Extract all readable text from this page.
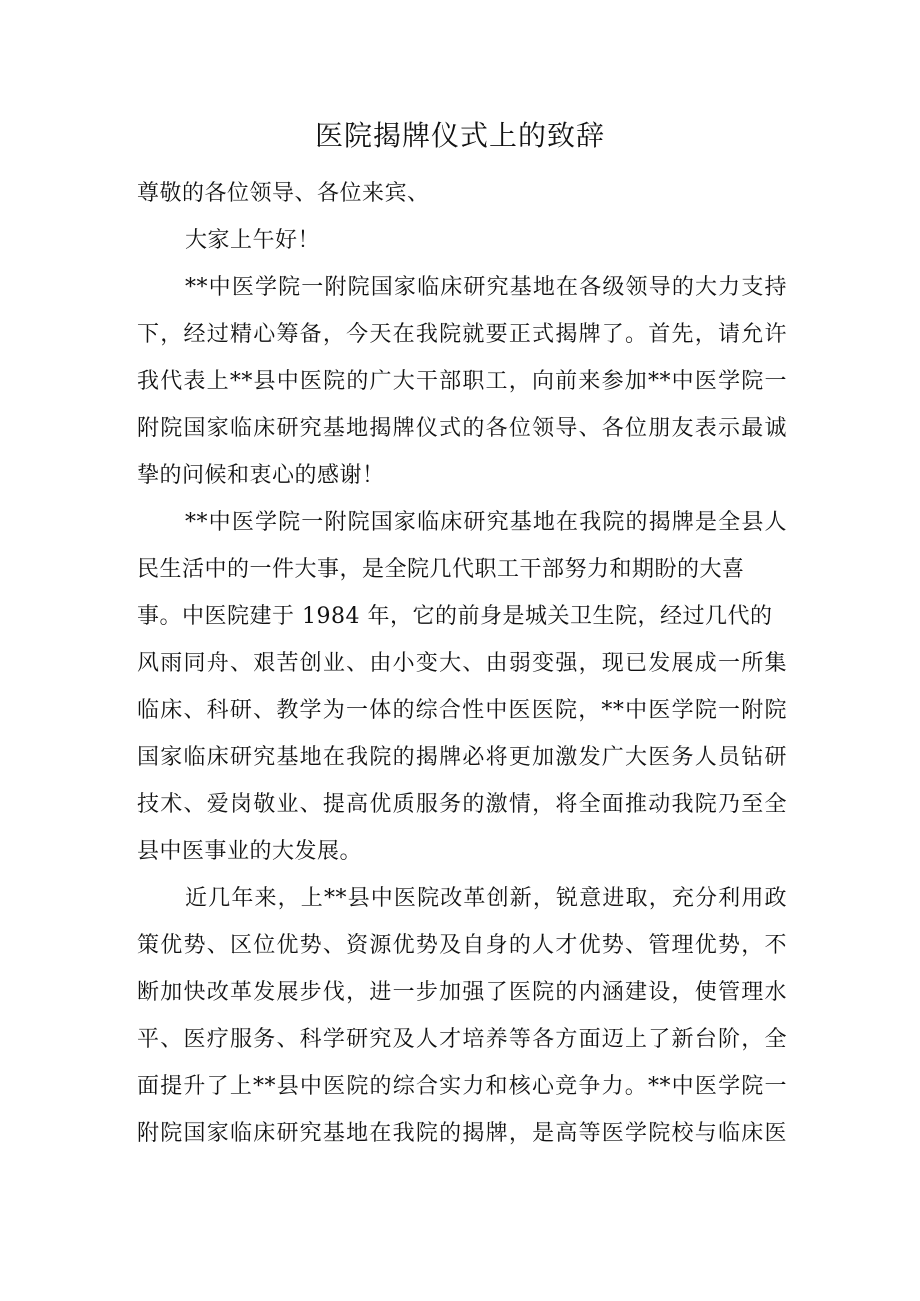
医院揭牌仪式上的致辞

尊敬的各位领导、各位来宾、

大家上午好！

**中医学院一附院国家临床研究基地在各级领导的大力支持

下，经过精心筹备，今天在我院就要正式揭牌了。首先，请允许

我代表上**县中医院的广大干部职工，向前来参加**中医学院一

附院国家临床研究基地揭牌仪式的各位领导、各位朋友表示最诚

挚的问候和衷心的感谢！

**中医学院一附院国家临床研究基地在我院的揭牌是全县人

民生活中的一件大事，是全院几代职工干部努力和期盼的大喜

事。中医院建于 1984 年，它的前身是城关卫生院，经过几代的

风雨同舟、艰苦创业、由小变大、由弱变强，现已发展成一所集

临床、科研、教学为一体的综合性中医医院，**中医学院一附院

国家临床研究基地在我院的揭牌必将更加激发广大医务人员钻研

技术、爱岗敬业、提高优质服务的激情，将全面推动我院乃至全

县中医事业的大发展。

近几年来，上**县中医院改革创新，锐意进取，充分利用政

策优势、区位优势、资源优势及自身的人才优势、管理优势，不

断加快改革发展步伐，进一步加强了医院的内涵建设，使管理水

平、医疗服务、科学研究及人才培养等各方面迈上了新台阶，全

面提升了上**县中医院的综合实力和核心竞争力。**中医学院一

附院国家临床研究基地在我院的揭牌，是高等医学院校与临床医
